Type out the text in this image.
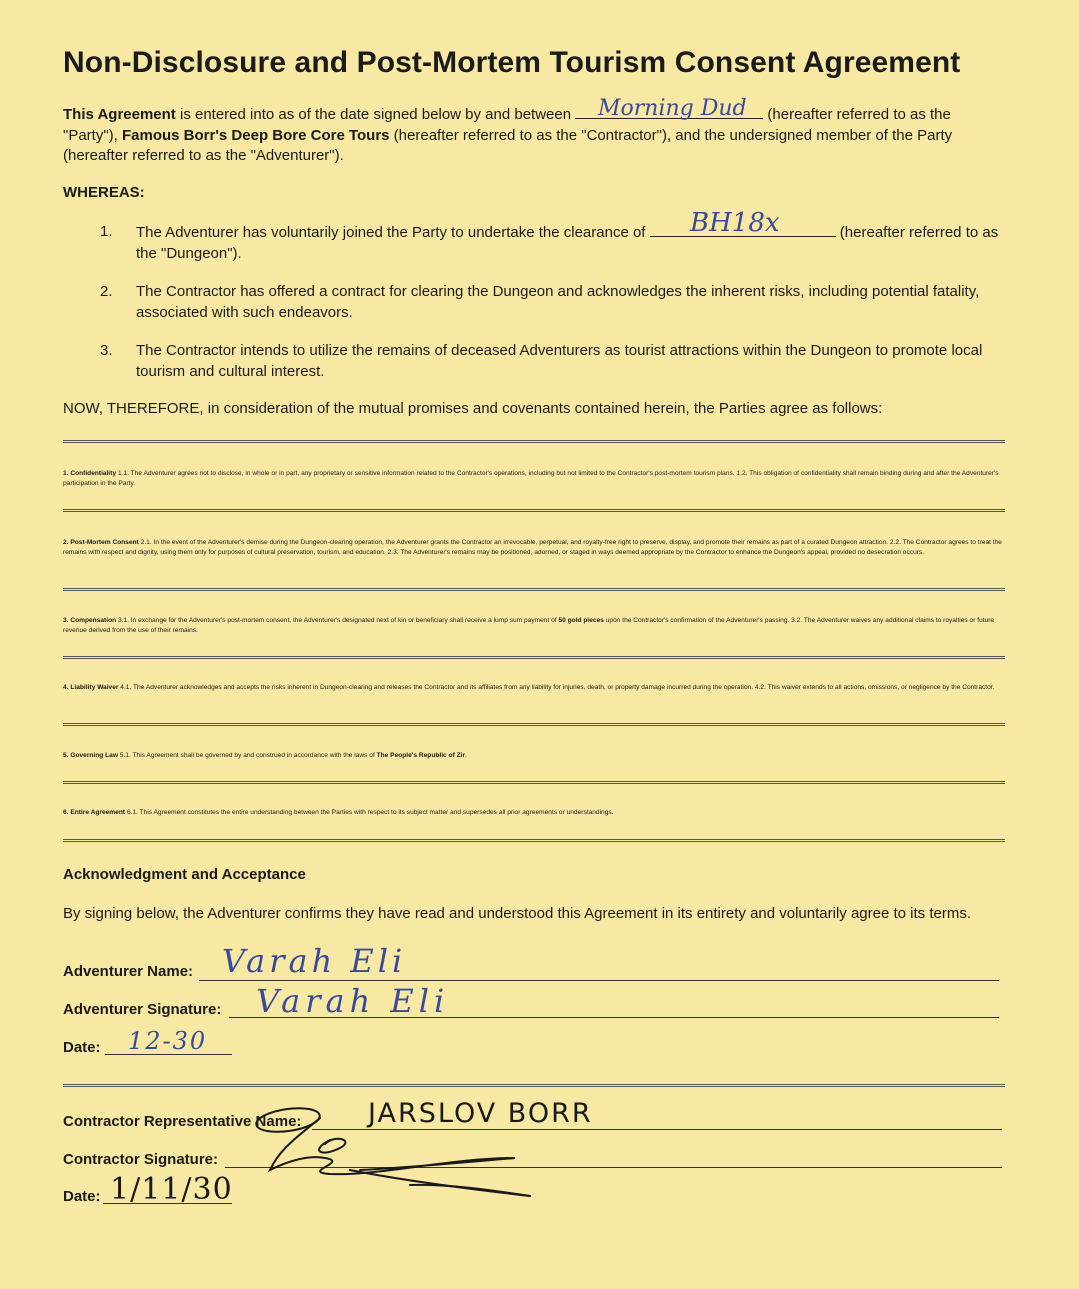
Non-Disclosure and Post-Mortem Tourism Consent Agreement
This Agreement is entered into as of the date signed below by and between	(hereafter referred to as the "Party"), Famous Borr's Deep Bore Core Tours (hereafter referred to as the "Contractor"), and the undersigned member of the Party (hereafter referred to as the "Adventurer").
Morning Dud
WHEREAS:
1. The Adventurer has voluntarily joined the Party to undertake the clearance of	(hereafter referred to as the "Dungeon").
BH18x
2. The Contractor has offered a contract for clearing the Dungeon and acknowledges the inherent risks, including potential fatality, associated with such endeavors.
3. The Contractor intends to utilize the remains of deceased Adventurers as tourist attractions within the Dungeon to promote local tourism and cultural interest.
NOW, THEREFORE, in consideration of the mutual promises and covenants contained herein, the Parties agree as follows:
1. Confidentiality 1.1. The Adventurer agrees not to disclose, in whole or in part, any proprietary or sensitive information related to the Contractor's operations, including but not limited to the Contractor's post-mortem tourism plans. 1.2. This obligation of confidentiality shall remain binding during and after the Adventurer's participation in the Party.
2. Post-Mortem Consent 2.1. In the event of the Adventurer's demise during the Dungeon-clearing operation, the Adventurer grants the Contractor an irrevocable, perpetual, and royalty-free right to preserve, display, and promote their remains as part of a curated Dungeon attraction. 2.2. The Contractor agrees to treat the remains with respect and dignity, using them only for purposes of cultural preservation, tourism, and education. 2.3. The Adventurer's remains may be positioned, adorned, or staged in ways deemed appropriate by the Contractor to enhance the Dungeon's appeal, provided no desecration occurs.
3. Compensation 3.1. In exchange for the Adventurer's post-mortem consent, the Adventurer's designated next of kin or beneficiary shall receive a lump sum payment of 50 gold pieces upon the Contractor's confirmation of the Adventurer's passing. 3.2. The Adventurer waives any additional claims to royalties or future revenue derived from the use of their remains.
4. Liability Waiver 4.1. The Adventurer acknowledges and accepts the risks inherent in Dungeon-clearing and releases the Contractor and its affiliates from any liability for injuries, death, or property damage incurred during the operation. 4.2. This waiver extends to all actions, omissions, or negligence by the Contractor.
5. Governing Law 5.1. This Agreement shall be governed by and construed in accordance with the laws of The People's Republic of Zir.
6. Entire Agreement 6.1. This Agreement constitutes the entire understanding between the Parties with respect to its subject matter and supersedes all prior agreements or understandings.
Acknowledgment and Acceptance
By signing below, the Adventurer confirms they have read and understood this Agreement in its entirety and voluntarily agree to its terms.
Adventurer Name: Varah Eli
Adventurer Signature: Varah Eli
Date: 12-30
Contractor Representative Name: JARSLOV BORR
Contractor Signature:
Date: 1/11/30
